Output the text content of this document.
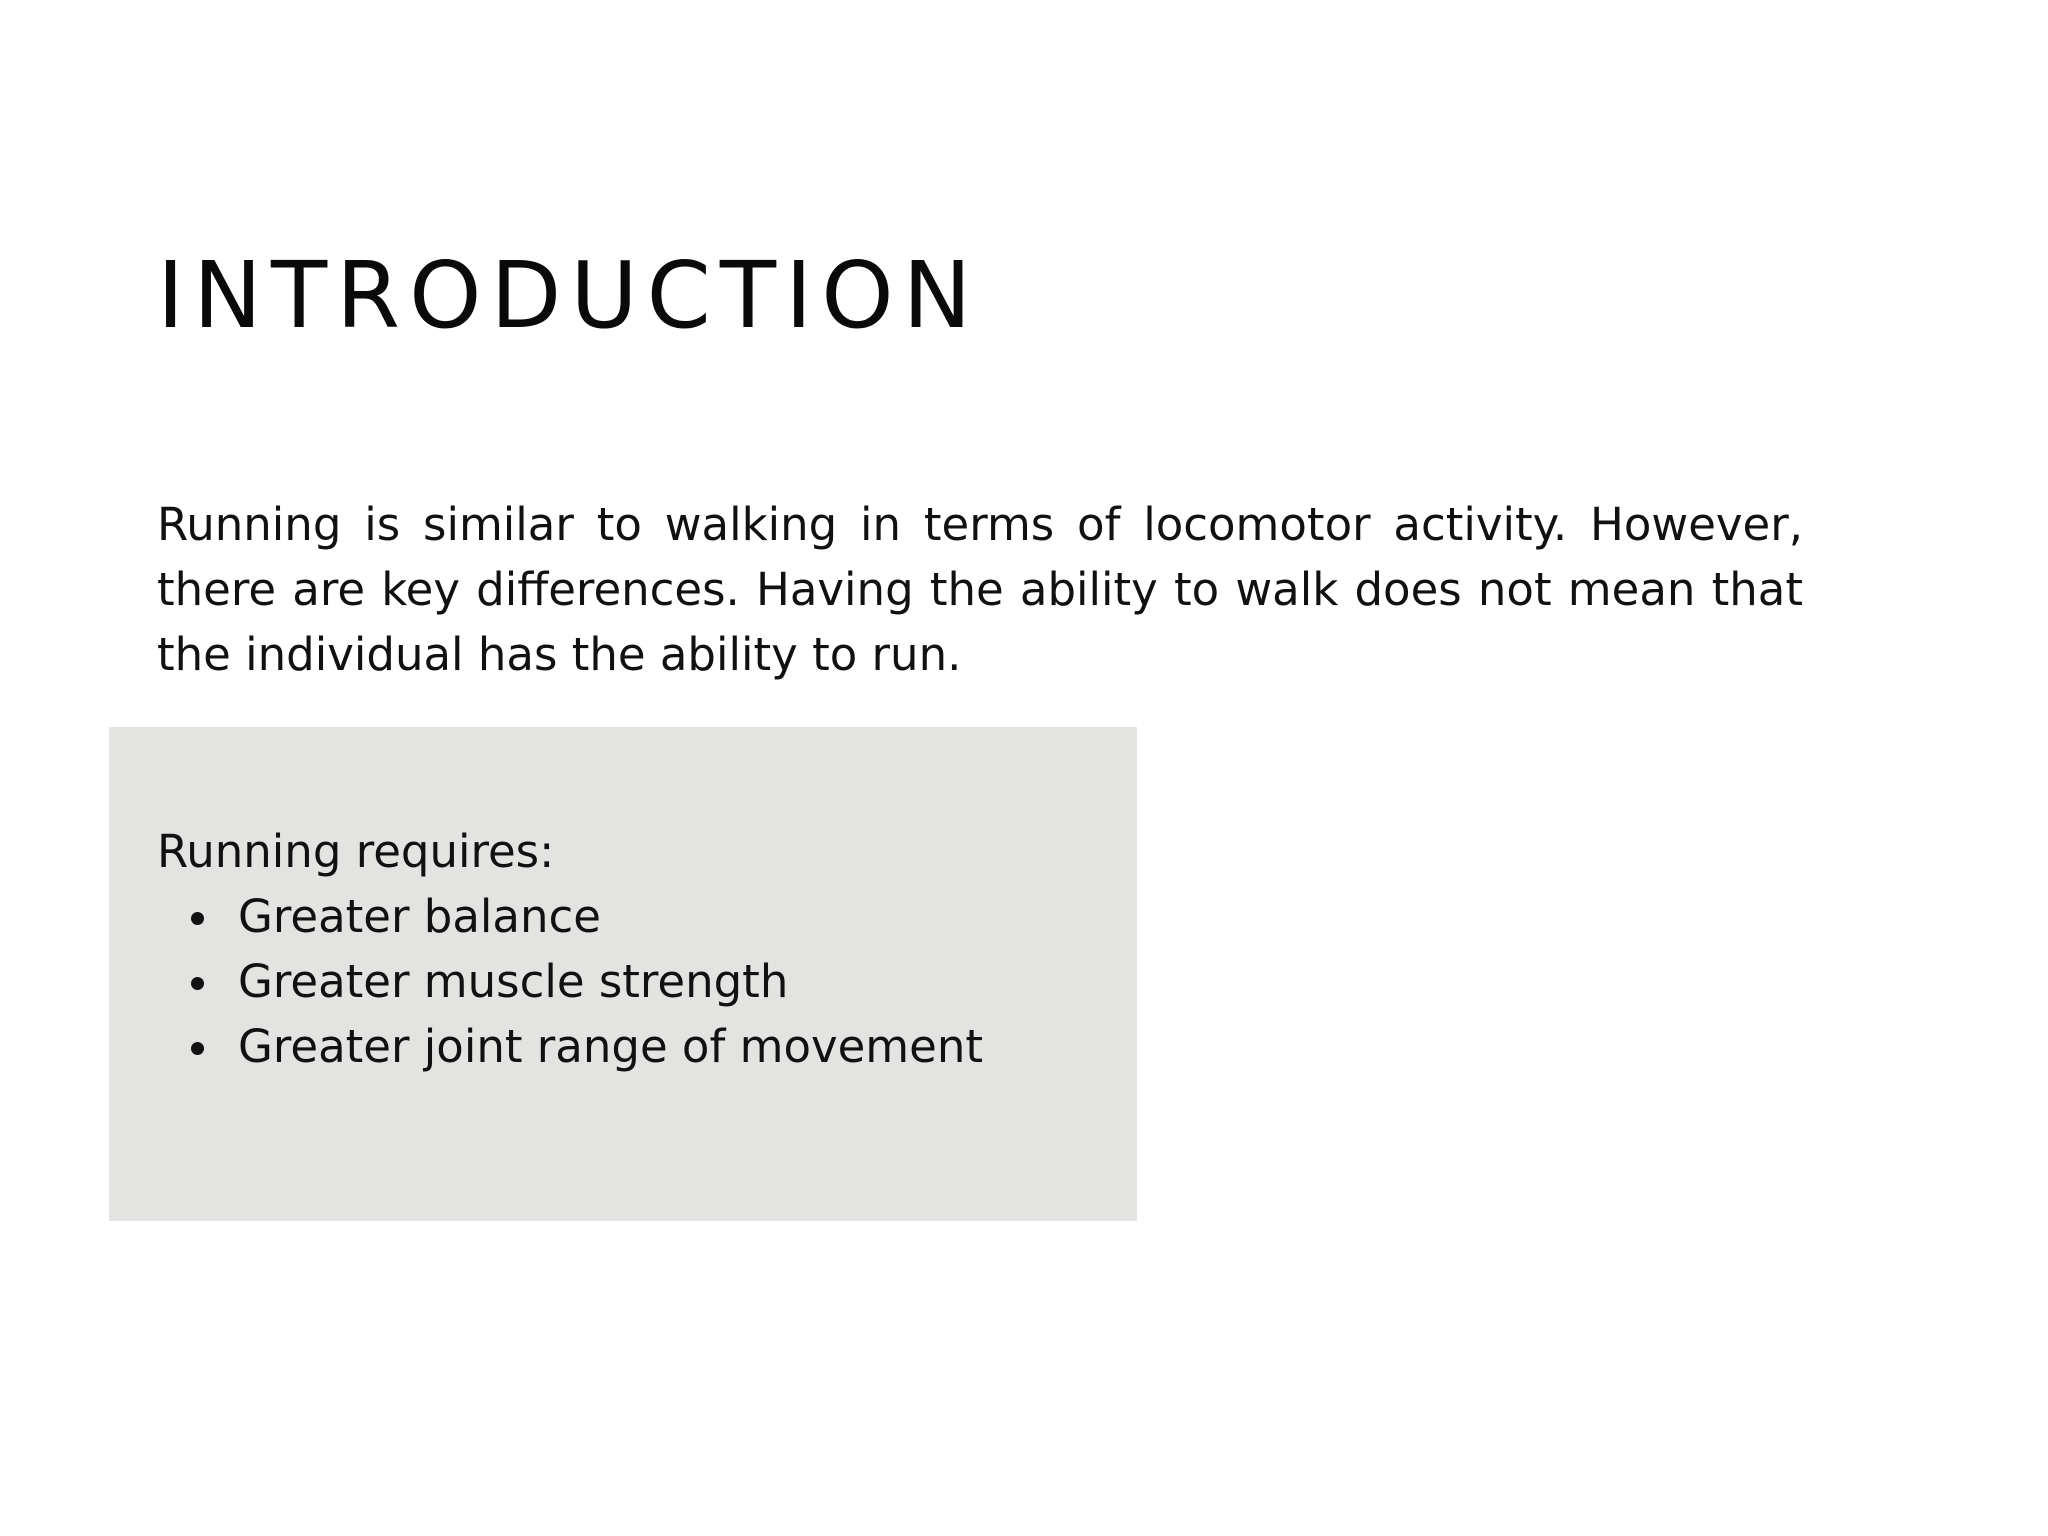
INTRODUCTION

Running is similar to walking in terms of locomotor activity. However, there are key differences. Having the ability to walk does not mean that the individual has the ability to run.

Running requires:

Greater balance
Greater muscle strength
Greater joint range of movement
